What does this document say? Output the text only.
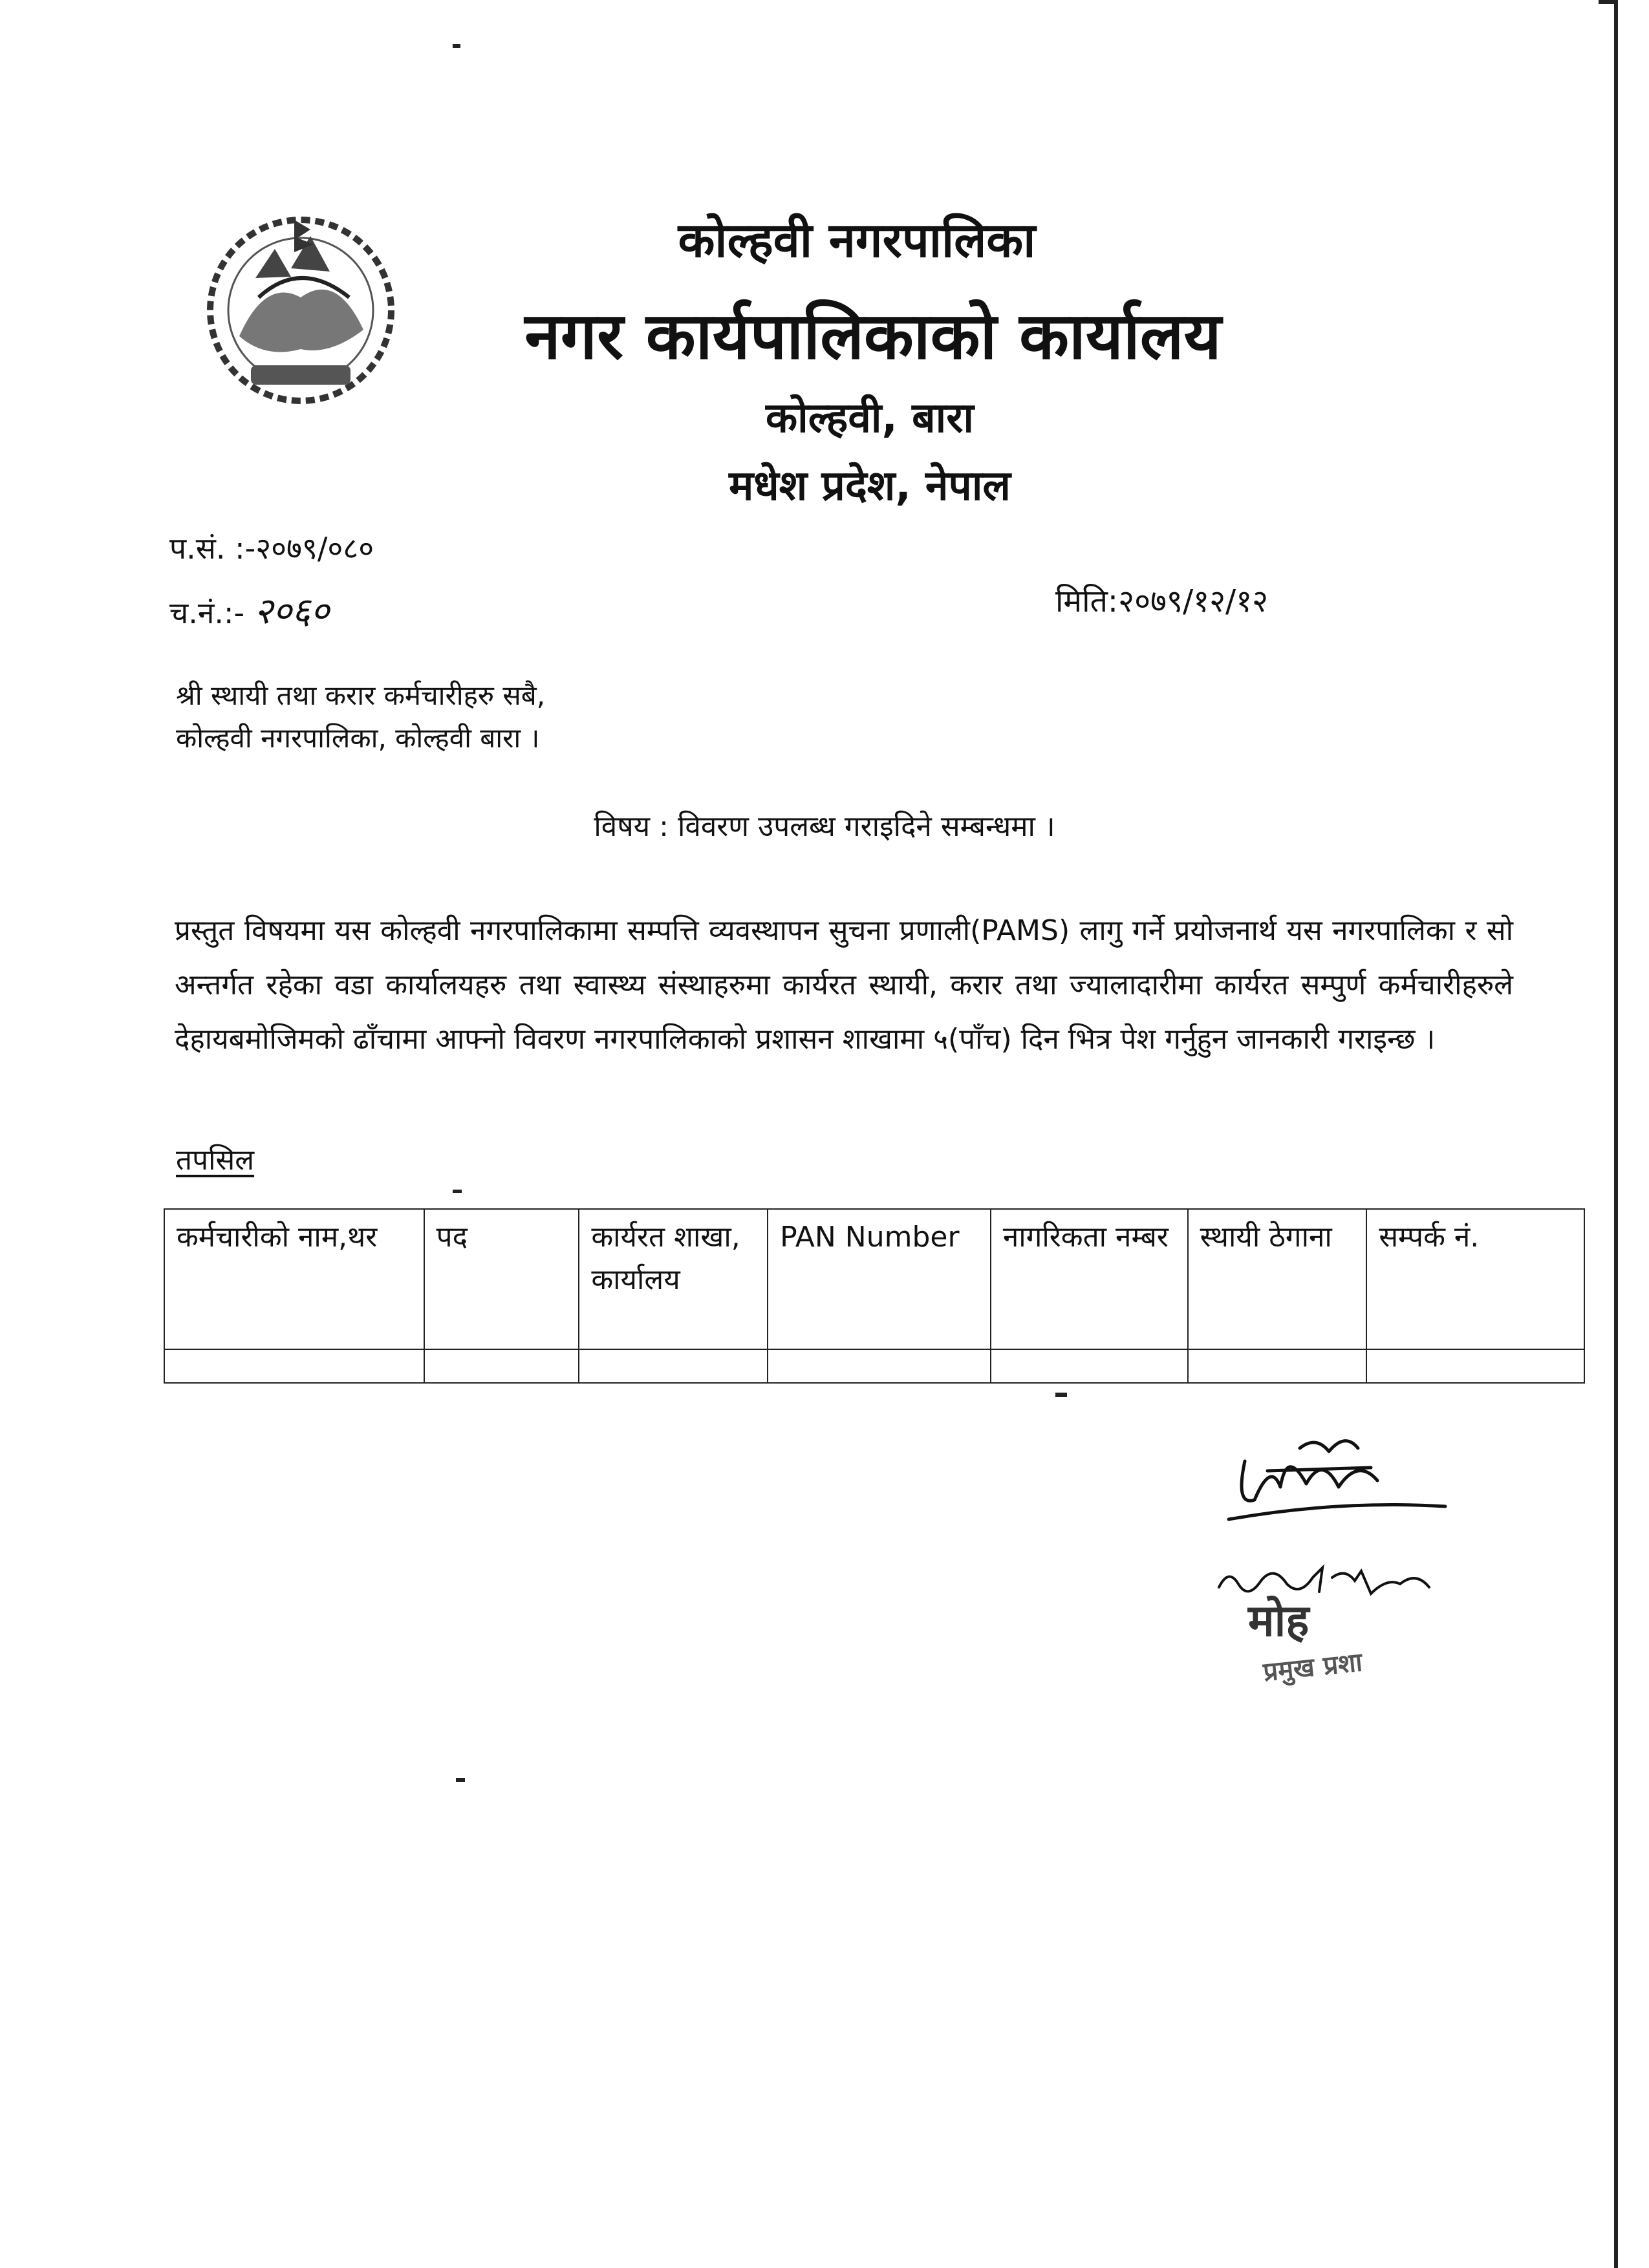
कोल्हवी नगरपालिका
नगर कार्यपालिकाको कार्यालय
कोल्हवी, बारा
मधेश प्रदेश, नेपाल
प.सं. :-२०७९/०८०
च.नं.:- २०६०	मिति:२०७९/१२/१२
श्री स्थायी तथा करार कर्मचारीहरु सबै,
कोल्हवी नगरपालिका, कोल्हवी बारा ।
विषय : विवरण उपलब्ध गराइदिने सम्बन्धमा ।
प्रस्तुत विषयमा यस कोल्हवी नगरपालिकामा सम्पत्ति व्यवस्थापन सुचना प्रणाली(PAMS) लागु गर्ने प्रयोजनार्थ यस नगरपालिका र सो अन्तर्गत रहेका वडा कार्यालयहरु तथा स्वास्थ्य संस्थाहरुमा कार्यरत स्थायी, करार तथा ज्यालादारीमा कार्यरत सम्पुर्ण कर्मचारीहरुले देहायबमोजिमको ढाँचामा आफ्नो विवरण नगरपालिकाको प्रशासन शाखामा ५(पाँच) दिन भित्र पेश गर्नुहुन जानकारी गराइन्छ ।
तपसिल
कर्मचारीको नाम,थर	पद	कार्यरत शाखा, कार्यालय	PAN Number	नागरिकता नम्बर	स्थायी ठेगाना	सम्पर्क नं.

मोह
प्रमुख प्रशा
